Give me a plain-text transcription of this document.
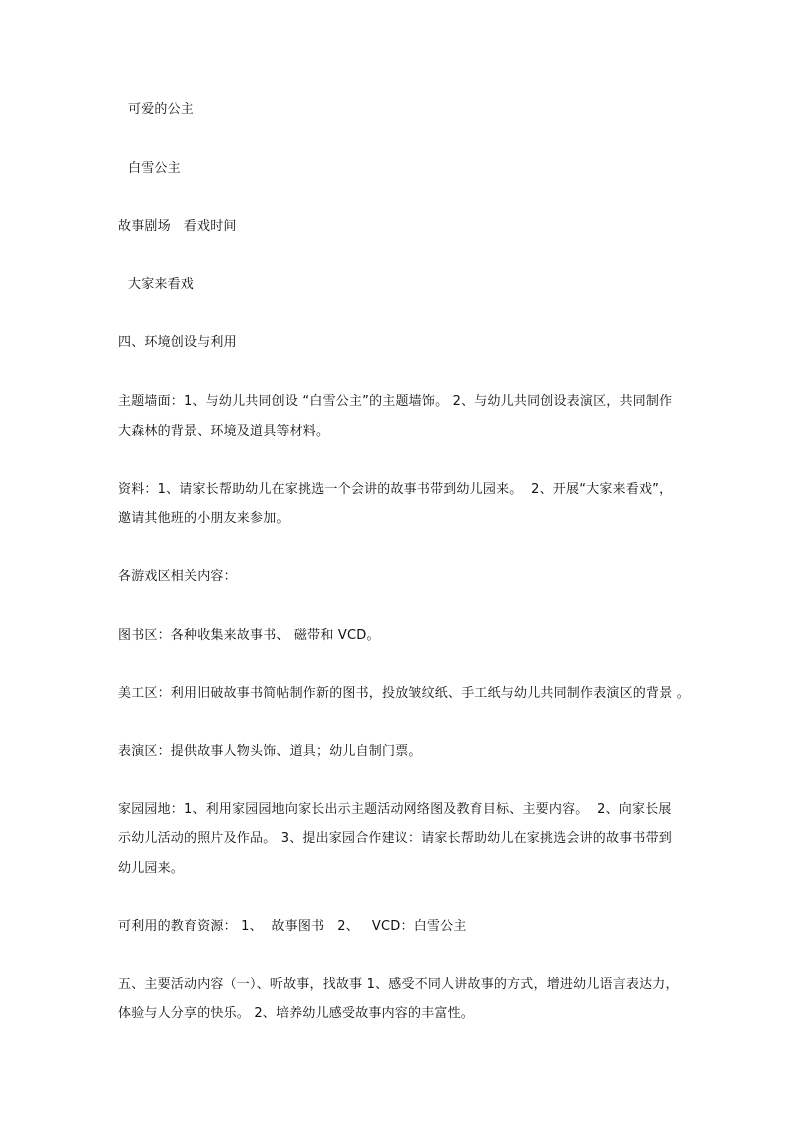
可爱的公主
白雪公主
故事剧场   看戏时间
大家来看戏
四、环境创设与利用
主题墙面：1、与幼儿共同创设 “白雪公主”的主题墙饰。 2、与幼儿共同创设表演区，共同制作
大森林的背景、环境及道具等材料。
资料：1、请家长帮助幼儿在家挑选一个会讲的故事书带到幼儿园来。  2、开展“大家来看戏”，
邀请其他班的小朋友来参加。
各游戏区相关内容：
图书区：各种收集来故事书、 磁带和 VCD。
美工区：利用旧破故事书简帖制作新的图书，投放皱纹纸、手工纸与幼儿共同制作表演区的背景 。
表演区：提供故事人物头饰、道具；幼儿自制门票。
家园园地：1、利用家园园地向家长出示主题活动网络图及教育目标、主要内容。  2、向家长展
示幼儿活动的照片及作品。 3、提出家园合作建议：请家长帮助幼儿在家挑选会讲的故事书带到
幼儿园来。
可利用的教育资源： 1、  故事图书   2、   VCD：白雪公主
五、主要活动内容（一）、听故事，找故事 1、感受不同人讲故事的方式，增进幼儿语言表达力，
体验与人分享的快乐。 2、培养幼儿感受故事内容的丰富性。
